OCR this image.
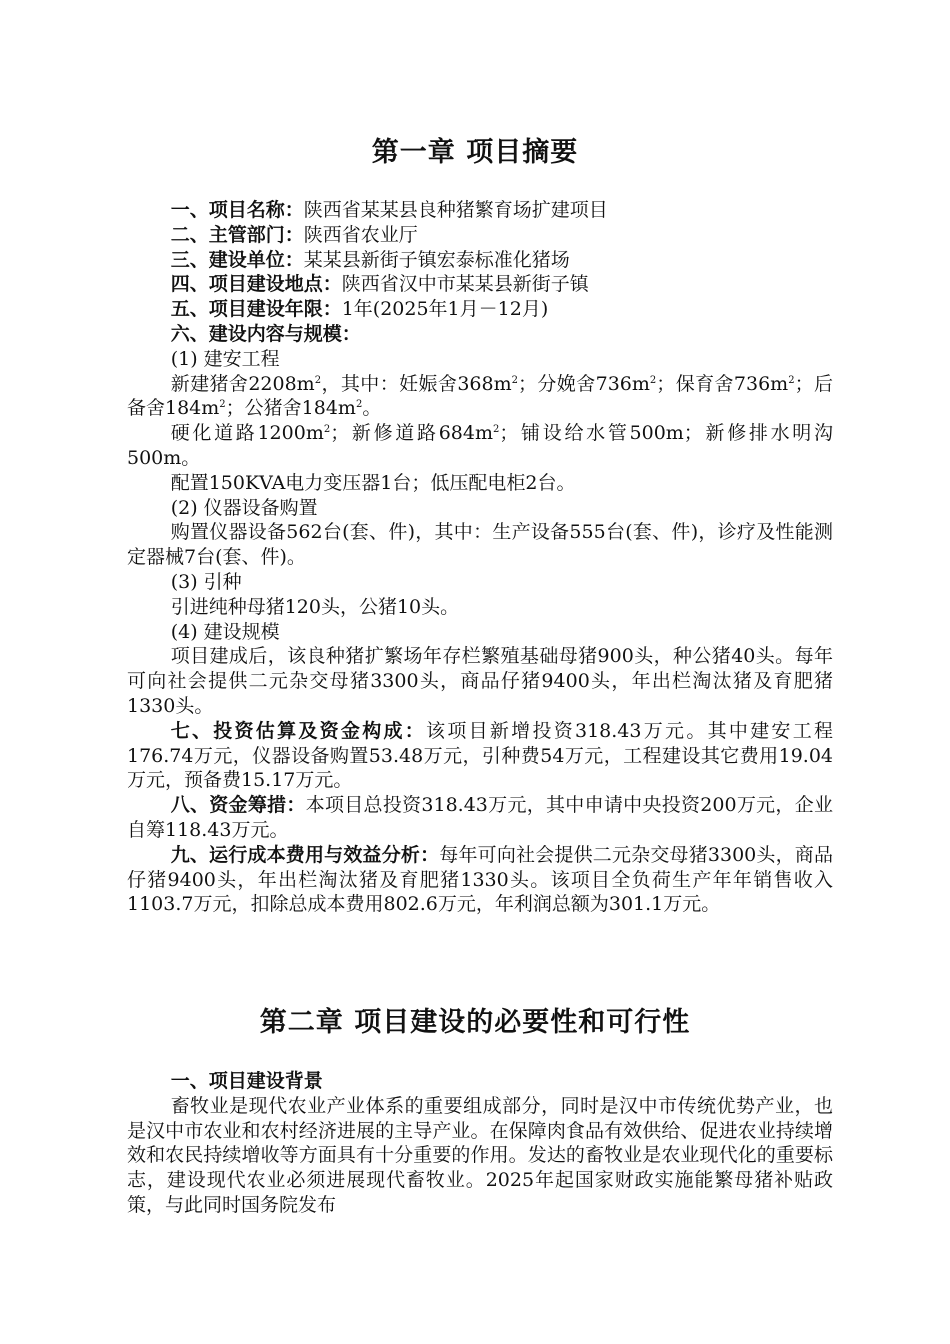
第一章 项目摘要

一、项目名称：陕西省某某县良种猪繁育场扩建项目

二、主管部门：陕西省农业厅

三、建设单位：某某县新街子镇宏泰标准化猪场

四、项目建设地点：陕西省汉中市某某县新街子镇

五、项目建设年限：1年(2025年1月－12月)

六、建设内容与规模：

(1) 建安工程

新建猪舍$2208m^2$，其中：妊娠舍$368m^2$；分娩舍$736m^2$；保育舍$736m^2$；后备舍$184m^2$；公猪舍$184m^2$。

硬化道路$1200m^2$；新修道路$684m^2$；铺设给水管500m；新修排水明沟500m。

配置150KVA电力变压器1台；低压配电柜2台。

(2) 仪器设备购置

购置仪器设备562台(套、件)，其中：生产设备555台(套、件)，诊疗及性能测定器械7台(套、件)。

(3) 引种

引进纯种母猪120头，公猪10头。

(4) 建设规模

项目建成后，该良种猪扩繁场年存栏繁殖基础母猪900头，种公猪40头。每年可向社会提供二元杂交母猪3300头，商品仔猪9400头，年出栏淘汰猪及育肥猪1330头。

七、投资估算及资金构成：该项目新增投资318.43万元。其中建安工程176.74万元，仪器设备购置53.48万元，引种费54万元，工程建设其它费用19.04万元，预备费15.17万元。

八、资金筹措：本项目总投资318.43万元，其中申请中央投资200万元，企业自筹118.43万元。

九、运行成本费用与效益分析：每年可向社会提供二元杂交母猪3300头，商品仔猪9400头，年出栏淘汰猪及育肥猪1330头。该项目全负荷生产年年销售收入1103.7万元，扣除总成本费用802.6万元，年利润总额为301.1万元。

第二章 项目建设的必要性和可行性

一、项目建设背景

畜牧业是现代农业产业体系的重要组成部分，同时是汉中市传统优势产业，也是汉中市农业和农村经济进展的主导产业。在保障肉食品有效供给、促进农业持续增效和农民持续增收等方面具有十分重要的作用。发达的畜牧业是农业现代化的重要标志，建设现代农业必须进展现代畜牧业。2025年起国家财政实施能繁母猪补贴政策，与此同时国务院发布
